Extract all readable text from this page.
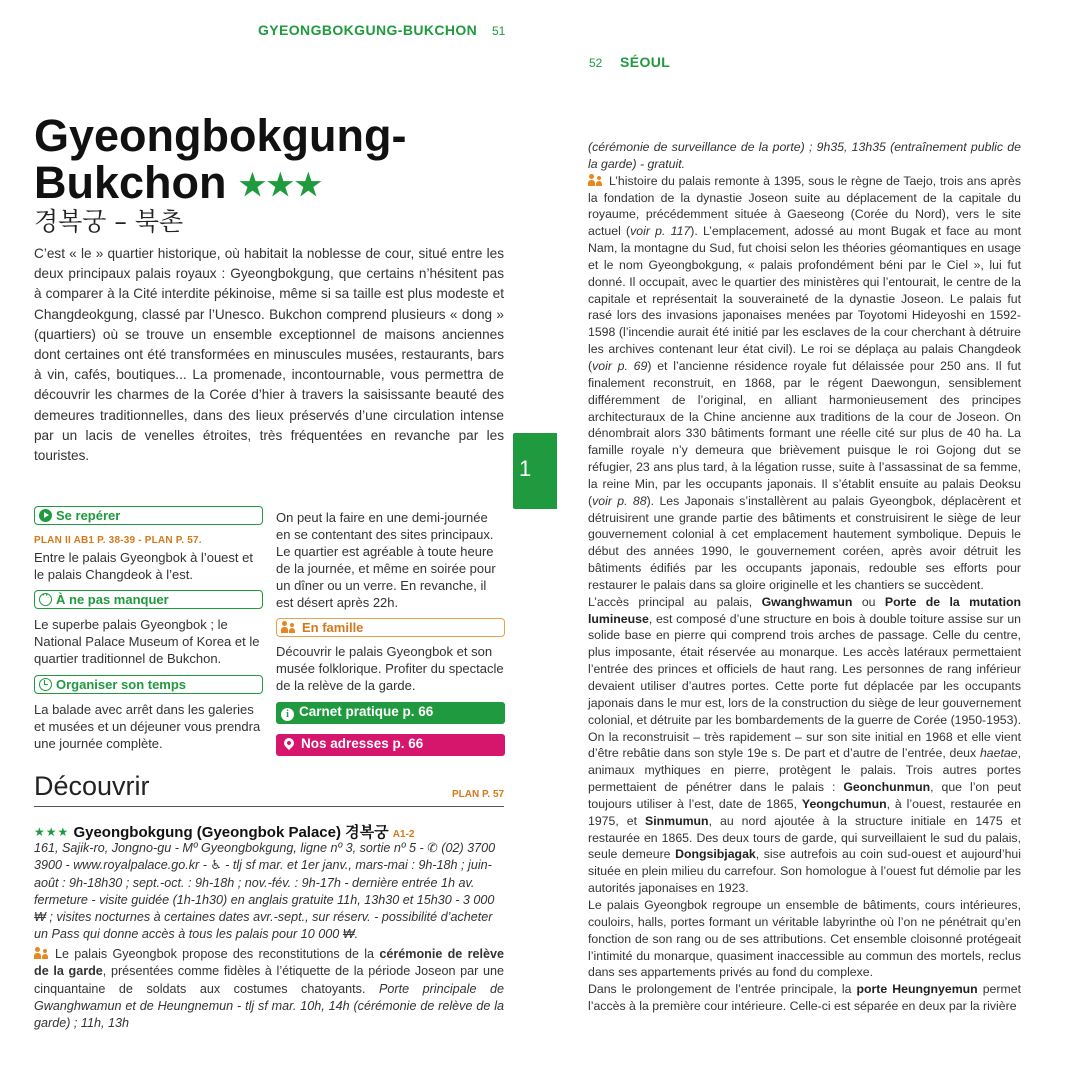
GYEONGBOKGUNG-BUKCHON 51
52 SÉOUL
Gyeongbokgung-
Bukchon ★★★
경복궁 – 북촌
C’est « le » quartier historique, où habitait la noblesse de cour, situé entre les deux principaux palais royaux : Gyeongbokgung, que certains n’hésitent pas à comparer à la Cité interdite pékinoise, même si sa taille est plus modeste et Changdeokgung, classé par l’Unesco. Bukchon comprend plusieurs « dong » (quartiers) où se trouve un ensemble exceptionnel de maisons anciennes dont certaines ont été transformées en minuscules musées, restaurants, bars à vin, cafés, boutiques... La promenade, incontournable, vous permettra de découvrir les charmes de la Corée d’hier à travers la saisissante beauté des demeures traditionnelles, dans des lieux préservés d’une circulation intense par un lacis de venelles étroites, très fréquentées en revanche par les touristes.
Se repérer
PLAN II AB1 P. 38-39 - PLAN P. 57.
Entre le palais Gyeongbok à l’ouest et le palais Changdeok à l’est.
··À ne pas manquer
Le superbe palais Gyeongbok ; le National Palace Museum of Korea et le quartier traditionnel de Bukchon.
Organiser son temps
La balade avec arrêt dans les galeries et musées et un déjeuner vous prendra une journée complète.
On peut la faire en une demi-journée en se contentant des sites principaux. Le quartier est agréable à toute heure de la journée, et même en soirée pour un dîner ou un verre. En revanche, il est désert après 22h.
En famille
Découvrir le palais Gyeongbok et son musée folklorique. Profiter du spectacle de la relève de la garde.
i Carnet pratique p. 66
Nos adresses p. 66
Découvrir	PLAN P. 57
★★★ Gyeongbokgung (Gyeongbok Palace) 경복궁 A1-2
161, Sajik-ro, Jongno-gu - Mº Gyeongbokgung, ligne nº 3, sortie nº 5 - ✆ (02) 3700 3900 - www.royalpalace.go.kr - ♿ - tlj sf mar. et 1er janv., mars-mai : 9h-18h ; juin-août : 9h-18h30 ; sept.-oct. : 9h-18h ; nov.-fév. : 9h-17h - dernière entrée 1h av. fermeture - visite guidée (1h-1h30) en anglais gratuite 11h, 13h30 et 15h30 - 3 000 ₩ ; visites nocturnes à certaines dates avr.-sept., sur réserv. - possibilité d’acheter un Pass qui donne accès à tous les palais pour 10 000 ₩.
Le palais Gyeongbok propose des reconstitutions de la cérémonie de relève de la garde, présentées comme fidèles à l’étiquette de la période Joseon par une cinquantaine de soldats aux costumes chatoyants. Porte principale de Gwanghwamun et de Heungnemun - tlj sf mar. 10h, 14h (cérémonie de relève de la garde) ; 11h, 13h
1
(cérémonie de surveillance de la porte) ; 9h35, 13h35 (entraînement public de la garde) - gratuit.
L’histoire du palais remonte à 1395, sous le règne de Taejo, trois ans après la fondation de la dynastie Joseon suite au déplacement de la capitale du royaume, précédemment située à Gaeseong (Corée du Nord), vers le site actuel (voir p. 117). L’emplacement, adossé au mont Bugak et face au mont Nam, la montagne du Sud, fut choisi selon les théories géomantiques en usage et le nom Gyeongbokgung, « palais profondément béni par le Ciel », lui fut donné. Il occupait, avec le quartier des ministères qui l’entourait, le centre de la capitale et représentait la souveraineté de la dynastie Joseon. Le palais fut rasé lors des invasions japonaises menées par Toyotomi Hideyoshi en 1592-1598 (l’incendie aurait été initié par les esclaves de la cour cherchant à détruire les archives contenant leur état civil). Le roi se déplaça au palais Changdeok (voir p. 69) et l’ancienne résidence royale fut délaissée pour 250 ans. Il fut finalement reconstruit, en 1868, par le régent Daewongun, sensiblement différemment de l’original, en alliant harmonieusement des principes architecturaux de la Chine ancienne aux traditions de la cour de Joseon. On dénombrait alors 330 bâtiments formant une réelle cité sur plus de 40 ha. La famille royale n’y demeura que brièvement puisque le roi Gojong dut se réfugier, 23 ans plus tard, à la légation russe, suite à l’assassinat de sa femme, la reine Min, par les occupants japonais. Il s’établit ensuite au palais Deoksu (voir p. 88). Les Japonais s’installèrent au palais Gyeongbok, déplacèrent et détruisirent une grande partie des bâtiments et construisirent le siège de leur gouvernement colonial à cet emplacement hautement symbolique. Depuis le début des années 1990, le gouvernement coréen, après avoir détruit les bâtiments édifiés par les occupants japonais, redouble ses efforts pour restaurer le palais dans sa gloire originelle et les chantiers se succèdent.
L’accès principal au palais, Gwanghwamun ou Porte de la mutation lumineuse, est composé d’une structure en bois à double toiture assise sur un solide base en pierre qui comprend trois arches de passage. Celle du centre, plus imposante, était réservée au monarque. Les accès latéraux permettaient l’entrée des princes et officiels de haut rang. Les personnes de rang inférieur devaient utiliser d’autres portes. Cette porte fut déplacée par les occupants japonais dans le mur est, lors de la construction du siège de leur gouvernement colonial, et détruite par les bombardements de la guerre de Corée (1950-1953). On la reconstruisit – très rapidement – sur son site initial en 1968 et elle vient d’être rebâtie dans son style 19e s. De part et d’autre de l’entrée, deux haetae, animaux mythiques en pierre, protègent le palais. Trois autres portes permettaient de pénétrer dans le palais : Geonchunmun, que l’on peut toujours utiliser à l’est, date de 1865, Yeongchumun, à l’ouest, restaurée en 1975, et Sinmumun, au nord ajoutée à la structure initiale en 1475 et restaurée en 1865. Des deux tours de garde, qui surveillaient le sud du palais, seule demeure Dongsibjagak, sise autrefois au coin sud-ouest et aujourd’hui située en plein milieu du carrefour. Son homologue à l’ouest fut démolie par les autorités japonaises en 1923.
Le palais Gyeongbok regroupe un ensemble de bâtiments, cours intérieures, couloirs, halls, portes formant un véritable labyrinthe où l’on ne pénétrait qu’en fonction de son rang ou de ses attributions. Cet ensemble cloisonné protégeait l’intimité du monarque, quasiment inaccessible au commun des mortels, reclus dans ses appartements privés au fond du complexe.
Dans le prolongement de l’entrée principale, la porte Heungnyemun permet l’accès à la première cour intérieure. Celle-ci est séparée en deux par la rivière
